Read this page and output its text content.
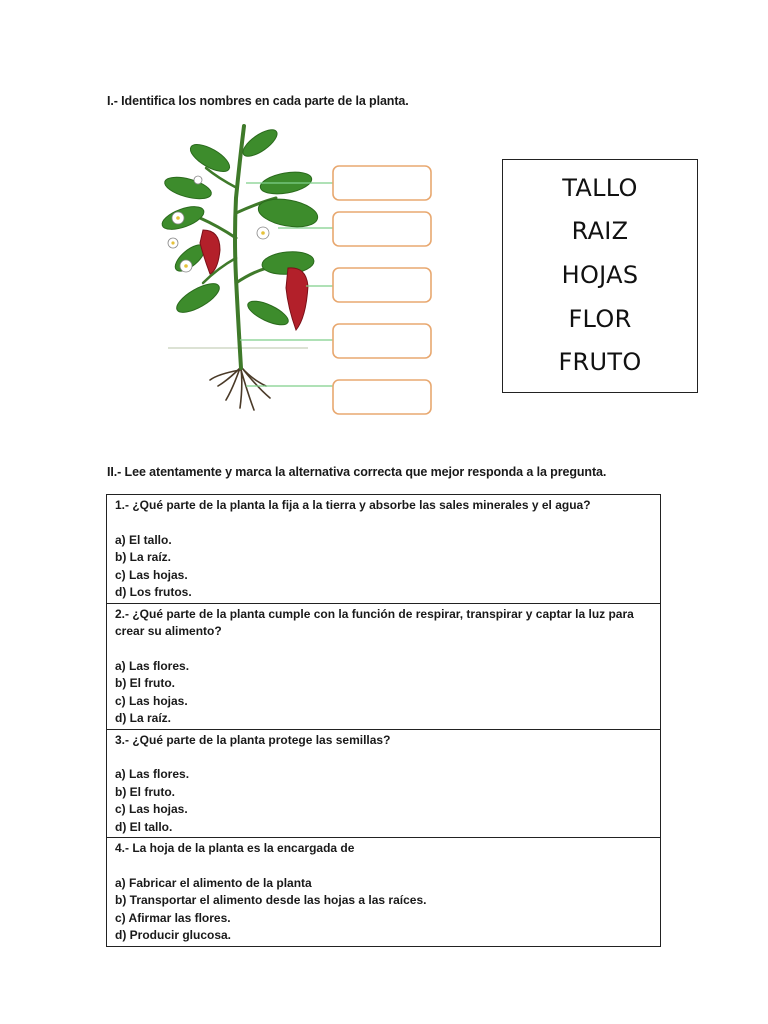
I.- Identifica los nombres en cada parte de la planta.
TALLO
RAIZ
HOJAS
FLOR
FRUTO
II.- Lee atentamente y marca la alternativa correcta que mejor responda a la pregunta.

1.- ¿Qué parte de la planta la fija a la tierra y absorbe las sales minerales y el agua?

a) El tallo.

b) La raíz.

c) Las hojas.

d) Los frutos.

2.- ¿Qué parte de la planta cumple con la función de respirar, transpirar y captar la luz para crear su alimento?

a) Las flores.

b) El fruto.

c) Las hojas.

d) La raíz.

3.- ¿Qué parte de la planta protege las semillas?

a) Las flores.

b) El fruto.

c) Las hojas.

d) El tallo.

4.- La hoja de la planta es la encargada de

a) Fabricar el alimento de la planta

b) Transportar el alimento desde las hojas a las raíces.

c) Afirmar las flores.

d) Producir glucosa.
